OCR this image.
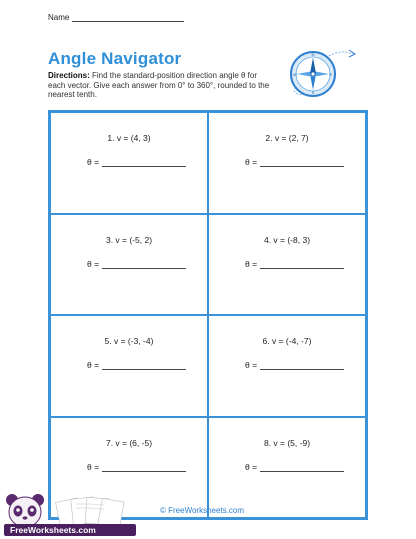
Name
Angle Navigator
Directions: Find the standard-position direction angle θ for each vector. Give each answer from 0° to 360°, rounded to the nearest tenth.
N
E
S
W
1. v = (4, 3)
θ =
2. v = (2, 7)
θ =
3. v = (-5, 2)
θ =
4. v = (-8, 3)
θ =
5. v = (-3, -4)
θ =
6. v = (-4, -7)
θ =
7. v = (6, -5)
θ =
8. v = (5, -9)
θ =
FreeWorksheets.com
© FreeWorksheets.com
